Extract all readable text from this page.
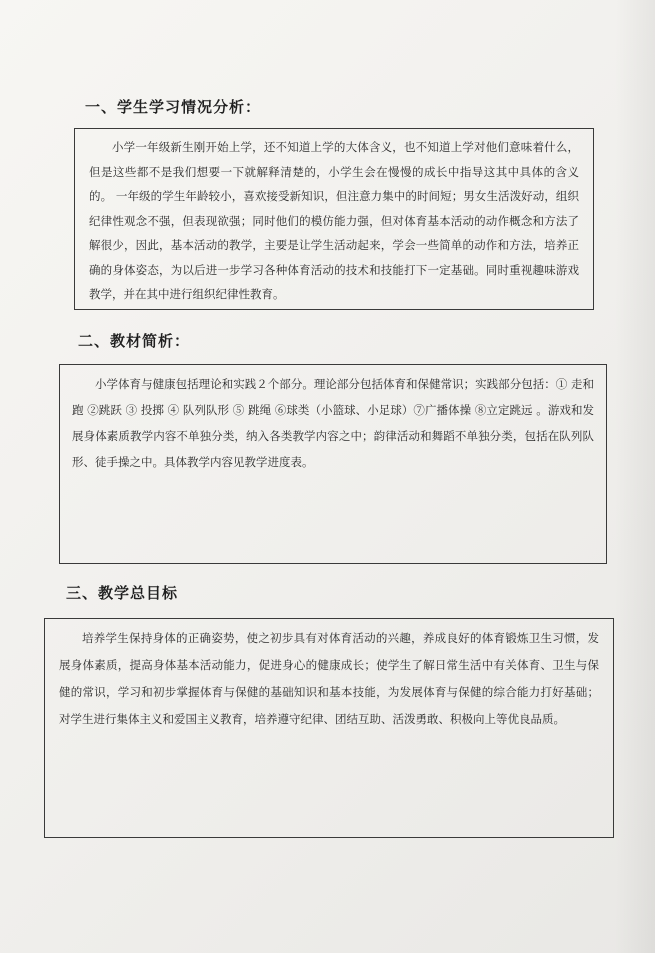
一、学生学习情况分析：

小学一年级新生刚开始上学，还不知道上学的大体含义，也不知道上学对他们意味着什么，但是这些都不是我们想要一下就解释清楚的，小学生会在慢慢的成长中指导这其中具体的含义的。 一年级的学生年龄较小，喜欢接受新知识，但注意力集中的时间短；男女生活泼好动，组织纪律性观念不强，但表现欲强；同时他们的模仿能力强，但对体育基本活动的动作概念和方法了解很少，因此，基本活动的教学，主要是让学生活动起来，学会一些简单的动作和方法，培养正确的身体姿态，为以后进一步学习各种体育活动的技术和技能打下一定基础。同时重视趣味游戏教学，并在其中进行组织纪律性教育。

二、教材简析：

小学体育与健康包括理论和实践２个部分。理论部分包括体育和保健常识；实践部分包括：① 走和跑 ②跳跃 ③ 投掷 ④ 队列队形 ⑤ 跳绳 ⑥球类（小篮球、小足球）⑦广播体操 ⑧立定跳远 。游戏和发展身体素质教学内容不单独分类，纳入各类教学内容之中；韵律活动和舞蹈不单独分类，包括在队列队形、徒手操之中。具体教学内容见教学进度表。

三、教学总目标

培养学生保持身体的正确姿势，使之初步具有对体育活动的兴趣，养成良好的体育锻炼卫生习惯，发展身体素质，提高身体基本活动能力，促进身心的健康成长；使学生了解日常生活中有关体育、卫生与保健的常识，学习和初步掌握体育与保健的基础知识和基本技能，为发展体育与保健的综合能力打好基础；对学生进行集体主义和爱国主义教育，培养遵守纪律、团结互助、活泼勇敢、积极向上等优良品质。
